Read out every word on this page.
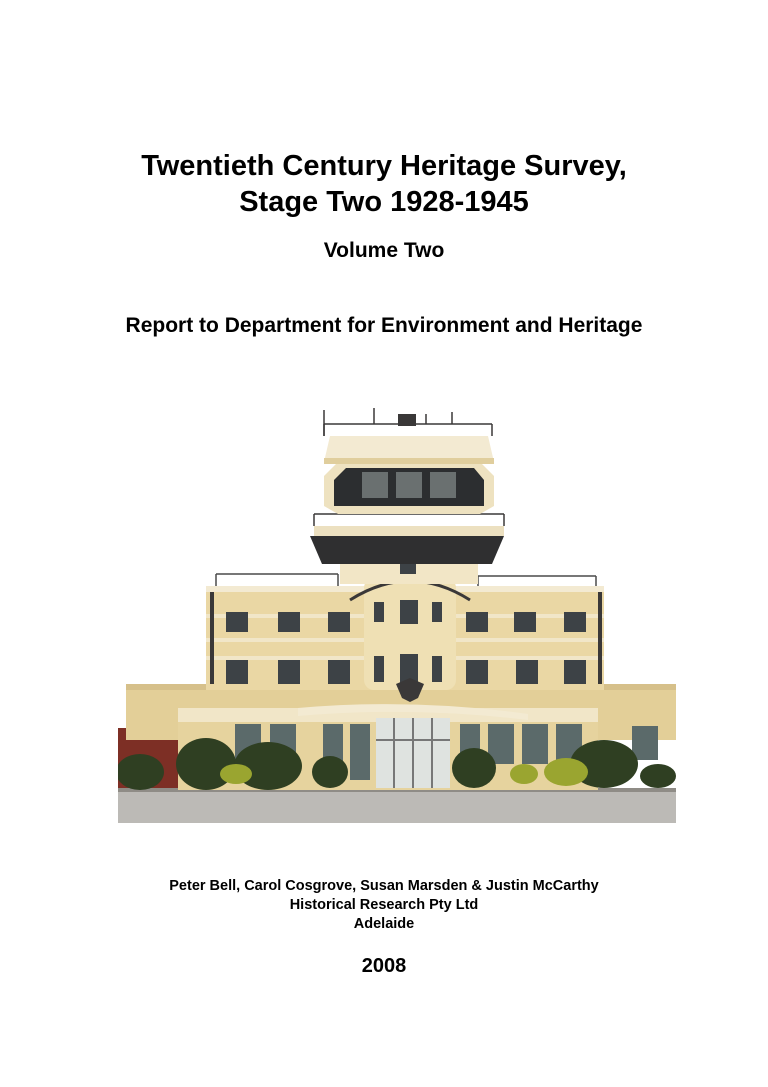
Twentieth Century Heritage Survey,
Stage Two 1928-1945
Volume Two
Report to Department for Environment and Heritage
Peter Bell, Carol Cosgrove, Susan Marsden & Justin McCarthy
Historical Research Pty Ltd
Adelaide
2008
